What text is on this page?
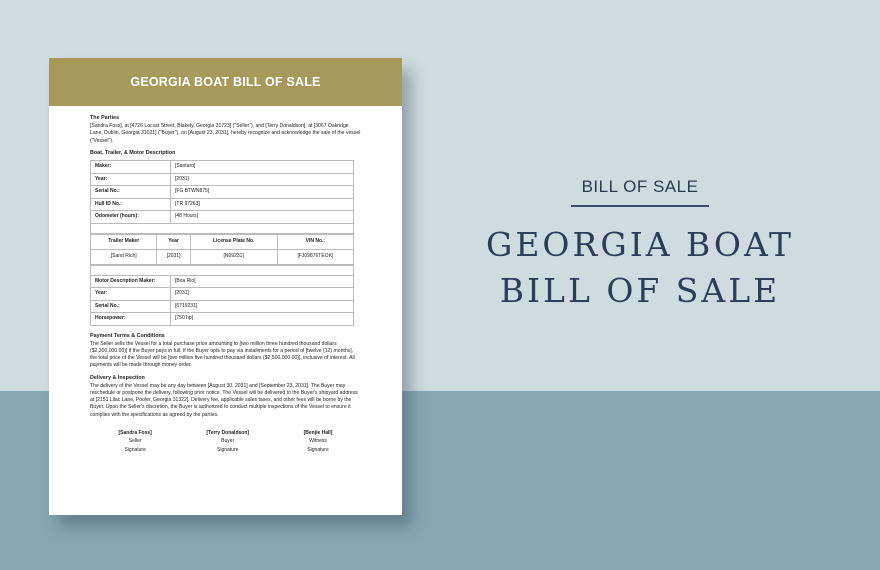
GEORGIA BOAT BILL OF SALE
The Parties

[Sandra Foss], at [4726 Locust Street, Blakely, Georgia 31723] ("Seller"), and [Terry Donaldson], at [3067 Oakridge Lane, Dublin, Georgia 31021] ("Buyer"), on [August 23, 2031], hereby recognize and acknowledge the sale of the vessel ("Vessel").

Boat, Trailer, & Motor Description
Maker:	[Santaro]
Year:	[2031]
Serial No.:	[FG BTWN875]
Hull ID No.:	[TR 97263]
Odometer (hours):	[48 Hours]

Trailer Maker	Year	License Plate No.	VIN No.:
[Sand Rich]	[2031]	[N09231]	[FJ09876TEOK]

Motor Description Maker:	[Boa Rio]
Year:	[2031]
Serial No.:	[6719231]
Horsepower:	[750 hp]
Payment Terms & Conditions

The Seller sells the Vessel for a total purchase price amounting to [two million three hundred thousand dollars ($2,300,000.00)] if the Buyer pays in full. If the Buyer opts to pay via installments for a period of [twelve (12) months], the total price of the Vessel will be [two million five hundred thousand dollars ($2,500,000.00)], inclusive of interest. All payments will be made through money order.

Delivery & Inspection

The delivery of the Vessel may be any day between [August 30, 2031] and [September 23, 2031]. The Buyer may reschedule or postpone the delivery, following prior notice. The Vessel will be delivered to the Buyer's shipyard address at [2151 Lilac Lane, Pooler, Georgia 31322]. Delivery fee, applicable sales taxes, and other fees will be borne by the Buyer. Upon the Seller's discretion, the Buyer is authorized to conduct multiple inspections of the Vessel to ensure it complies with the specifications as agreed by the parties.

[Sandra Foss]
Seller
Signature
[Terry Donaldson]
Buyer
Signature
[Benjie Hall]
Witness
Signature
BILL OF SALE
GEORGIA BOAT
BILL OF SALE
